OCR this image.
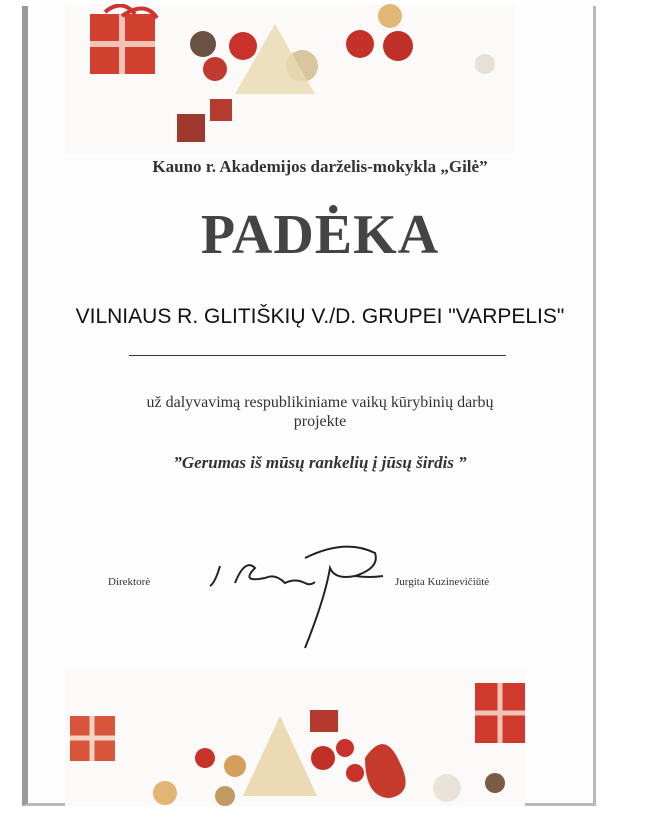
Kauno r. Akademijos darželis-mokykla „Gilė”
PADĖKA
VILNIAUS R. GLITIŠKIŲ V./D. GRUPEI "VARPELIS"
už dalyvavimą respublikiniame vaikų kūrybinių darbų
projekte
”Gerumas iš mūsų rankelių į jūsų širdis ”
Direktorė	Jurgita Kuzinevičiūtė
